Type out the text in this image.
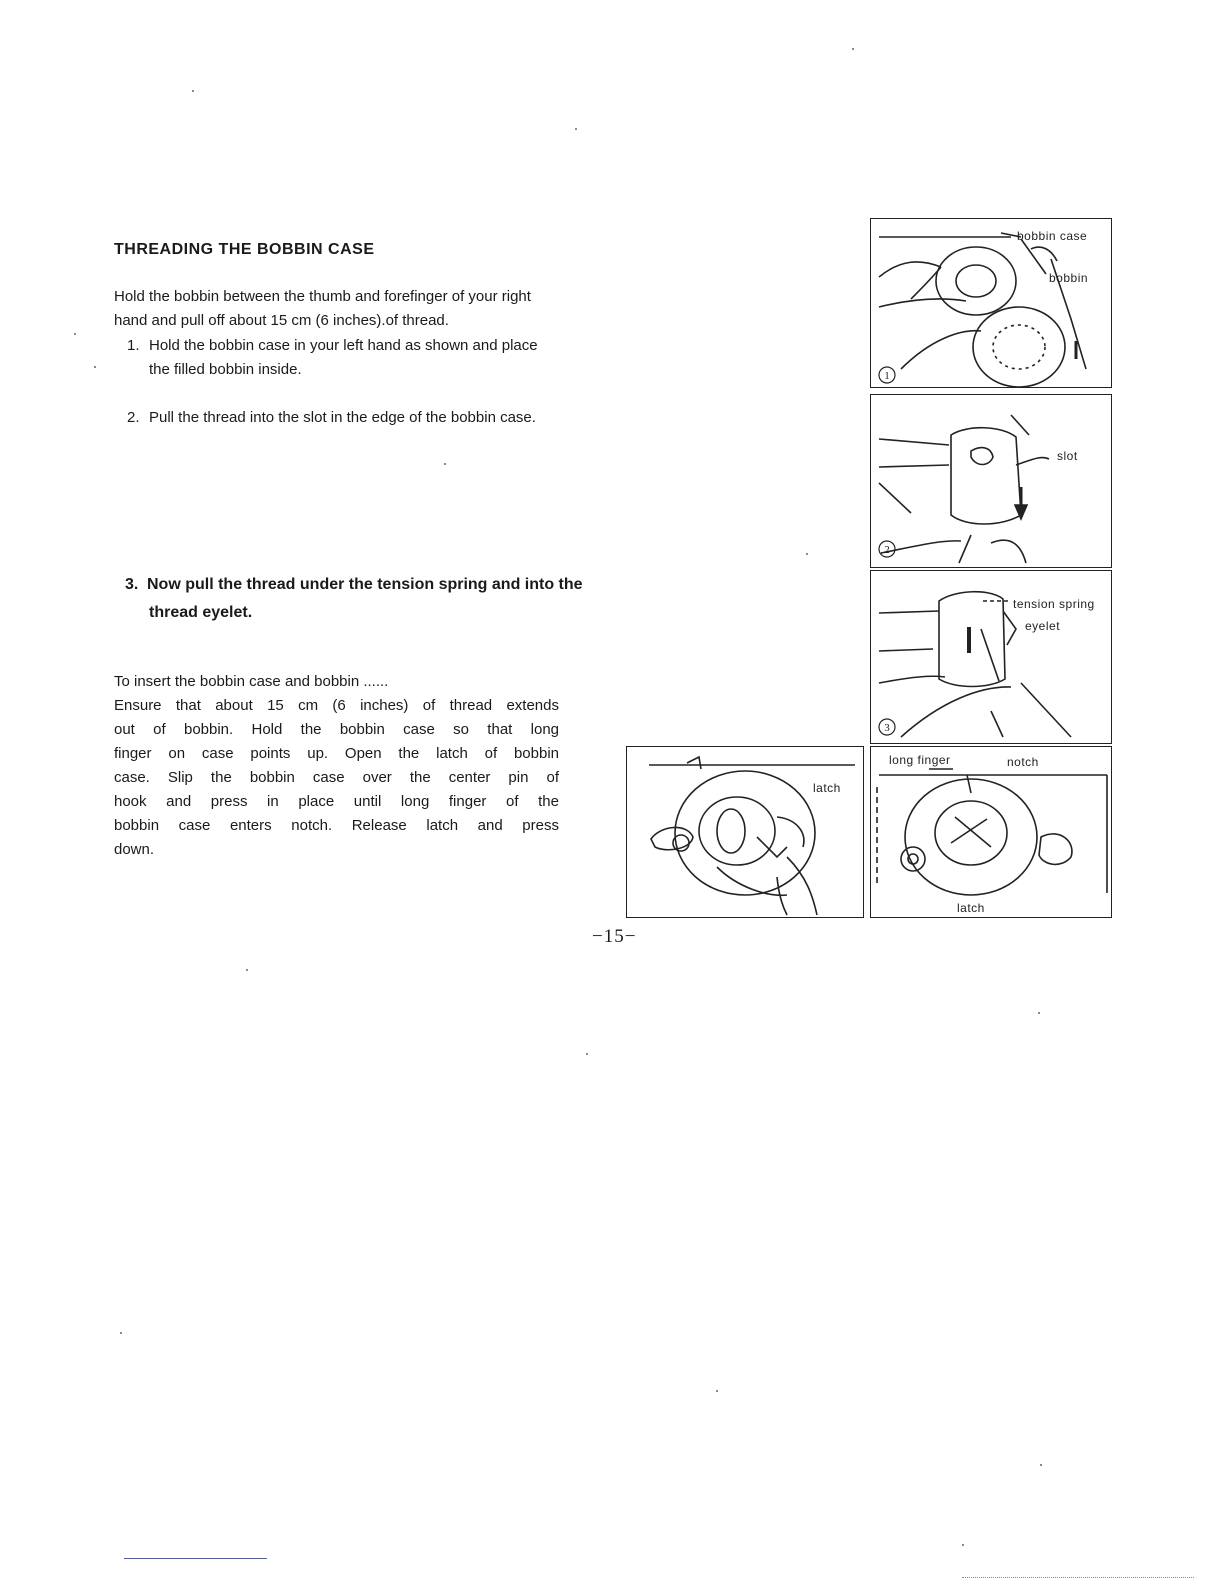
THREADING THE BOBBIN CASE
Hold the bobbin between the thumb and forefinger of your right
hand and pull off about 15 cm (6 inches).of thread.
1. Hold the bobbin case in your left hand as shown and place
the filled bobbin inside.
2. Pull the thread into the slot in the edge of the bobbin case.
3. Now pull the thread under the tension spring and into the
thread eyelet.
To insert the bobbin case and bobbin ......
Ensure that about 15 cm (6 inches) of thread extends
out of bobbin. Hold the bobbin case so that long
finger on case points up. Open the latch of bobbin
case. Slip the bobbin case over the center pin of
hook and press in place until long finger of the
bobbin case enters notch. Release latch and press
down.
1
bobbin case
bobbin
2
slot
3
tension spring
eyelet
latch
long finger	notch
latch
−15−
